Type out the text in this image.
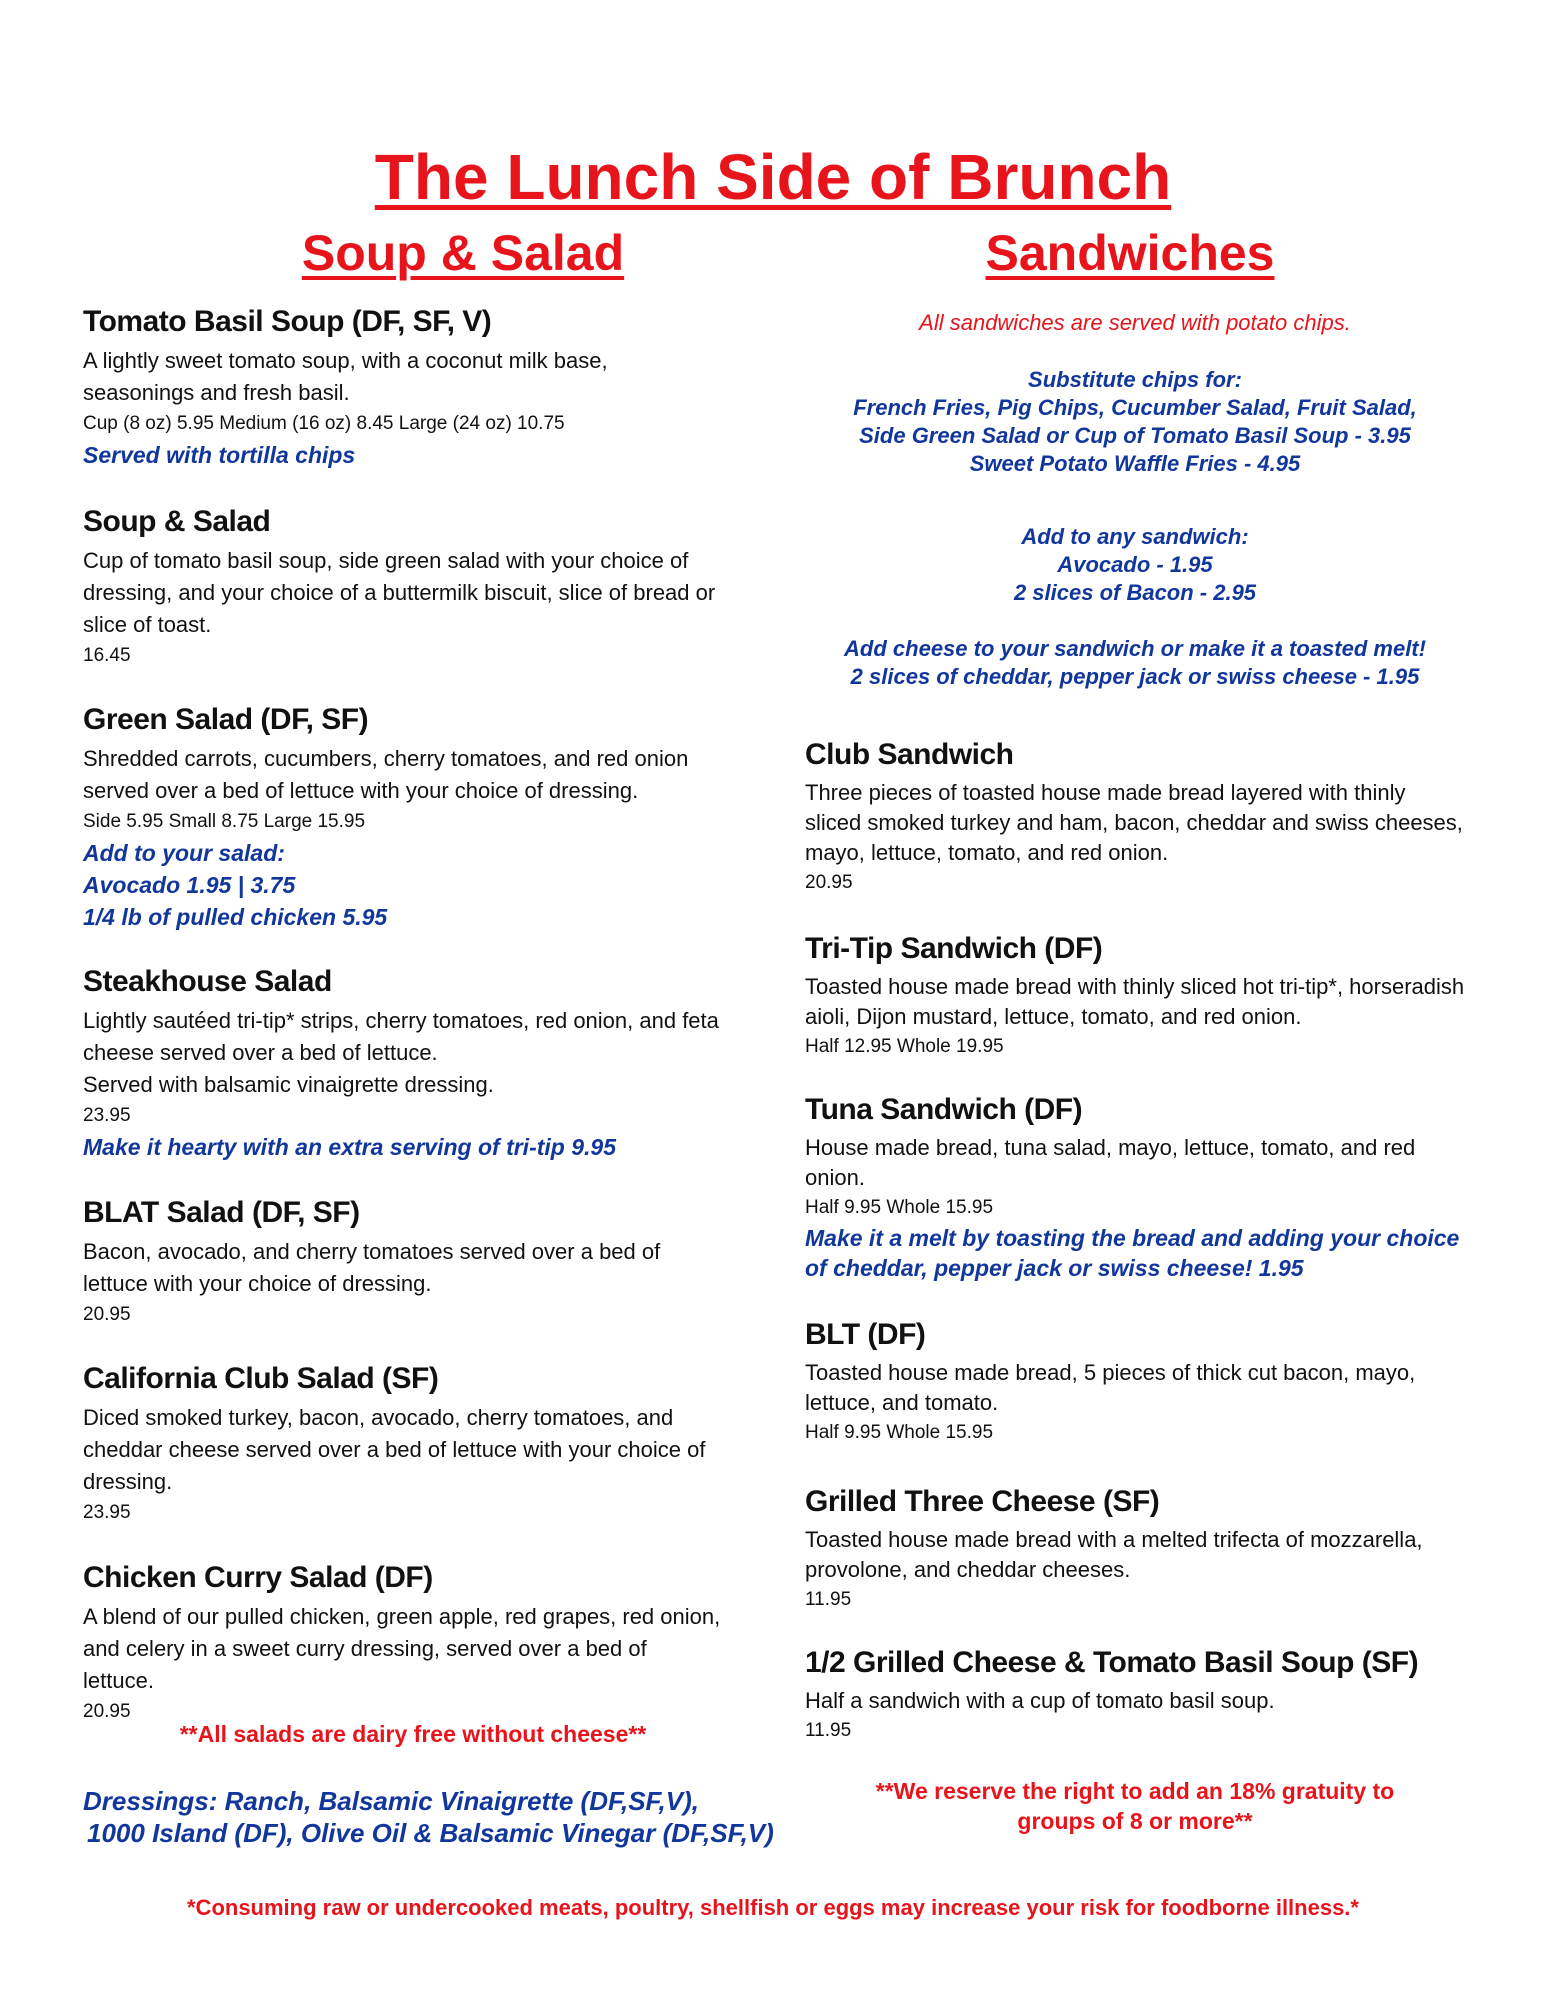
The Lunch Side of Brunch
Soup & Salad	Sandwiches

Tomato Basil Soup (DF, SF, V)

A lightly sweet tomato soup, with a coconut milk base, seasonings and fresh basil.

Cup (8 oz) 5.95 Medium (16 oz) 8.45 Large (24 oz) 10.75

Served with tortilla chips

Soup & Salad

Cup of tomato basil soup, side green salad with your choice of dressing, and your choice of a buttermilk biscuit, slice of bread or slice of toast.

16.45

Green Salad (DF, SF)

Shredded carrots, cucumbers, cherry tomatoes, and red onion served over a bed of lettuce with your choice of dressing.

Side 5.95 Small 8.75 Large 15.95

Add to your salad:

Avocado 1.95 | 3.75

1/4 lb of pulled chicken 5.95

Steakhouse Salad

Lightly sautéed tri-tip* strips, cherry tomatoes, red onion, and feta cheese served over a bed of lettuce.

Served with balsamic vinaigrette dressing.

23.95

Make it hearty with an extra serving of tri-tip 9.95

BLAT Salad (DF, SF)

Bacon, avocado, and cherry tomatoes served over a bed of lettuce with your choice of dressing.

20.95

California Club Salad (SF)

Diced smoked turkey, bacon, avocado, cherry tomatoes, and cheddar cheese served over a bed of lettuce with your choice of dressing.

23.95

Chicken Curry Salad (DF)

A blend of our pulled chicken, green apple, red grapes, red onion, and celery in a sweet curry dressing, served over a bed of lettuce.

20.95

**All salads are dairy free without cheese**

Dressings: Ranch, Balsamic Vinaigrette (DF,SF,V),

1000 Island (DF), Olive Oil & Balsamic Vinegar (DF,SF,V)

All sandwiches are served with potato chips.

Substitute chips for:

French Fries, Pig Chips, Cucumber Salad, Fruit Salad,

Side Green Salad or Cup of Tomato Basil Soup - 3.95

Sweet Potato Waffle Fries - 4.95

Add to any sandwich:

Avocado - 1.95

2 slices of Bacon - 2.95

Add cheese to your sandwich or make it a toasted melt!

2 slices of cheddar, pepper jack or swiss cheese - 1.95

Club Sandwich

Three pieces of toasted house made bread layered with thinly sliced smoked turkey and ham, bacon, cheddar and swiss cheeses, mayo, lettuce, tomato, and red onion.

20.95

Tri-Tip Sandwich (DF)

Toasted house made bread with thinly sliced hot tri-tip*, horseradish aioli, Dijon mustard, lettuce, tomato, and red onion.

Half 12.95 Whole 19.95

Tuna Sandwich (DF)

House made bread, tuna salad, mayo, lettuce, tomato, and red onion.

Half 9.95 Whole 15.95

Make it a melt by toasting the bread and adding your choice of cheddar, pepper jack or swiss cheese! 1.95

BLT (DF)

Toasted house made bread, 5 pieces of thick cut bacon, mayo, lettuce, and tomato.

Half 9.95 Whole 15.95

Grilled Three Cheese (SF)

Toasted house made bread with a melted trifecta of mozzarella, provolone, and cheddar cheeses.

11.95

1/2 Grilled Cheese & Tomato Basil Soup (SF)

Half a sandwich with a cup of tomato basil soup.

11.95

**We reserve the right to add an 18% gratuity to
groups of 8 or more**
*Consuming raw or undercooked meats, poultry, shellfish or eggs may increase your risk for foodborne illness.*
